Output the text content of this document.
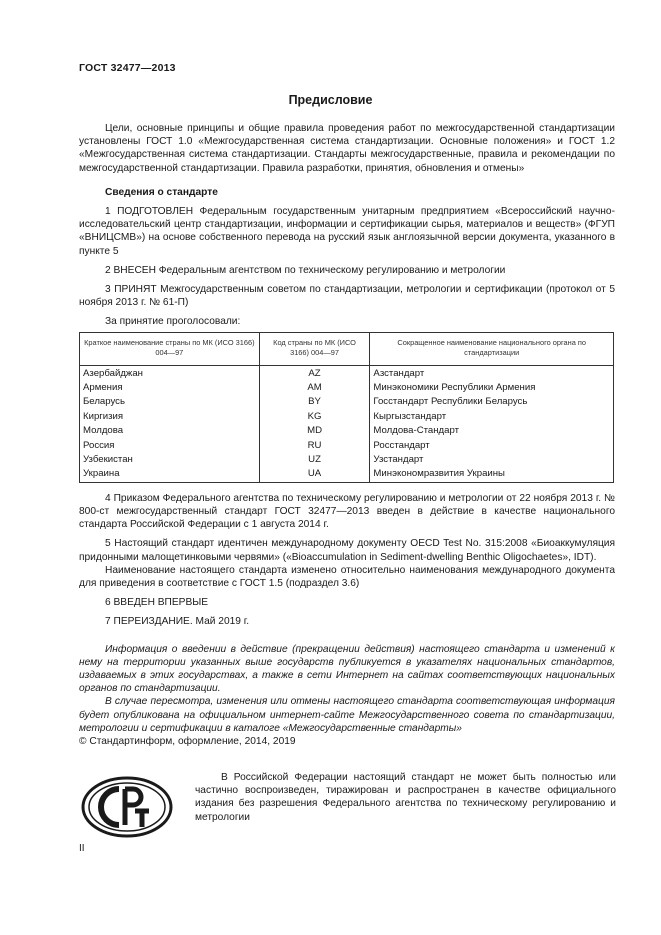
ГОСТ 32477—2013
Предисловие

Цели, основные принципы и общие правила проведения работ по межгосударственной стандартизации установлены ГОСТ 1.0 «Межгосударственная система стандартизации. Основные положения» и ГОСТ 1.2 «Межгосударственная система стандартизации. Стандарты межгосударственные, правила и рекомендации по межгосударственной стандартизации. Правила разработки, принятия, обновления и отмены»

Сведения о стандарте

1 ПОДГОТОВЛЕН Федеральным государственным унитарным предприятием «Всероссийский научно-исследовательский центр стандартизации, информации и сертификации сырья, материалов и веществ» (ФГУП «ВНИЦСМВ») на основе собственного перевода на русский язык англоязычной версии документа, указанного в пункте 5

2 ВНЕСЕН Федеральным агентством по техническому регулированию и метрологии

3 ПРИНЯТ Межгосударственным советом по стандартизации, метрологии и сертификации (протокол от 5 ноября 2013 г. № 61-П)

За принятие проголосовали:

Краткое наименование страны по МК (ИСО 3166) 004—97	Код страны по МК (ИСО 3166) 004—97	Сокращенное наименование национального органа по стандартизации
Азербайджан	AZ	Азстандарт
Армения	AM	Минэкономики Республики Армения
Беларусь	BY	Госстандарт Республики Беларусь
Киргизия	KG	Кыргызстандарт
Молдова	MD	Молдова-Стандарт
Россия	RU	Росстандарт
Узбекистан	UZ	Узстандарт
Украина	UA	Минэкономразвития Украины

4 Приказом Федерального агентства по техническому регулированию и метрологии от 22 ноября 2013 г. № 800-ст межгосударственный стандарт ГОСТ 32477—2013 введен в действие в качестве национального стандарта Российской Федерации с 1 августа 2014 г.

5 Настоящий стандарт идентичен международному документу OECD Test No. 315:2008 «Биоаккумуляция придонными малощетинковыми червями» («Bioaccumulation in Sediment-dwelling Benthic Oligochaetes», IDT).

Наименование настоящего стандарта изменено относительно наименования международного документа для приведения в соответствие с ГОСТ 1.5 (подраздел 3.6)

6 ВВЕДЕН ВПЕРВЫЕ

7 ПЕРЕИЗДАНИЕ. Май 2019 г.

Информация о введении в действие (прекращении действия) настоящего стандарта и изменений к нему на территории указанных выше государств публикуется в указателях национальных стандартов, издаваемых в этих государствах, а также в сети Интернет на сайтах соответствующих национальных органов по стандартизации.

В случае пересмотра, изменения или отмены настоящего стандарта соответствующая информация будет опубликована на официальном интернет-сайте Межгосударственного совета по стандартизации, метрологии и сертификации в каталоге «Межгосударственные стандарты»

© Стандартинформ, оформление, 2014, 2019

В Российской Федерации настоящий стандарт не может быть полностью или частично воспроизведен, тиражирован и распространен в качестве официального издания без разрешения Федерального агентства по техническому регулированию и метрологии
II
